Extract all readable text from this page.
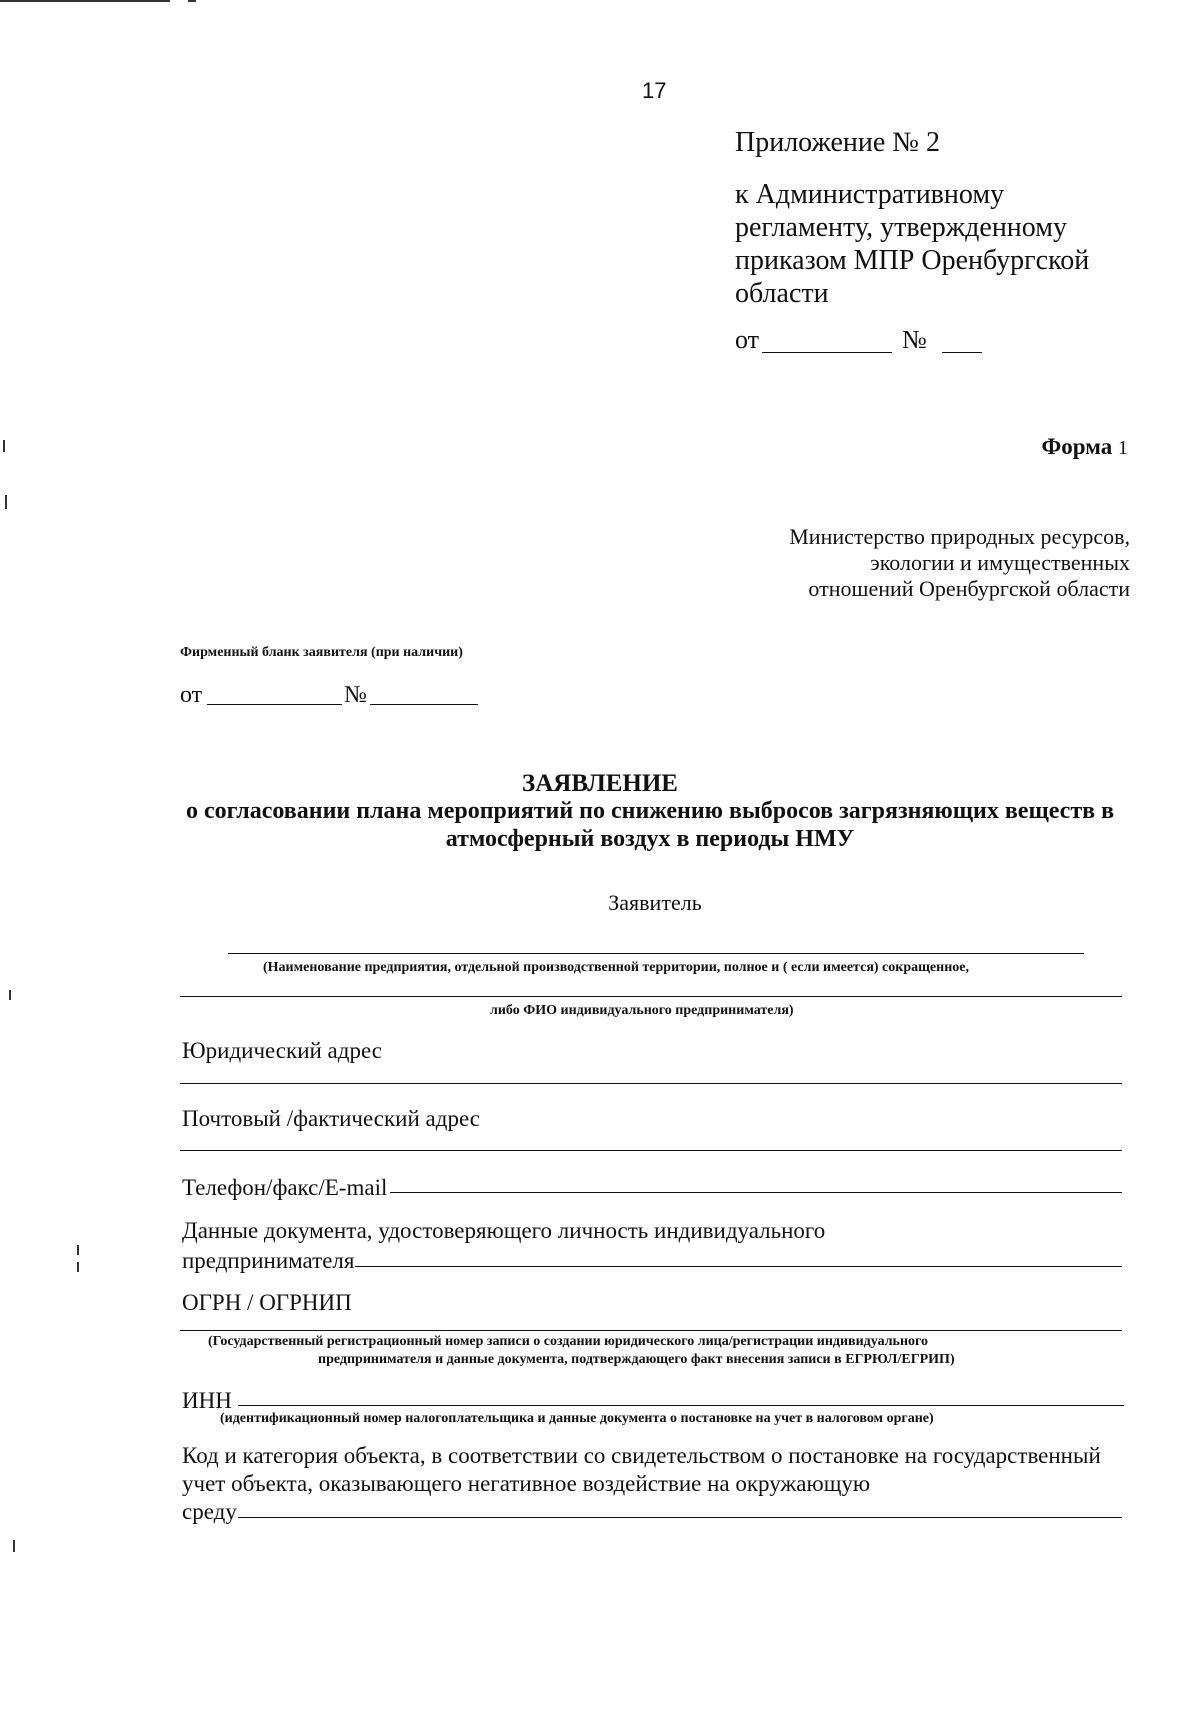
17
Приложение № 2
к Административному
регламенту, утвержденному
приказом МПР Оренбургской
области
от	№
Форма 1
Министерство природных ресурсов,
экологии и имущественных
отношений Оренбургской области
Фирменный бланк заявителя (при наличии)
от	№
ЗАЯВЛЕНИЕ
о согласовании плана мероприятий по снижению выбросов загрязняющих веществ в атмосферный воздух в периоды НМУ
Заявитель
(Наименование предприятия, отдельной производственной территории, полное и ( если имеется) сокращенное,
либо ФИО индивидуального предпринимателя)
Юридический адрес
Почтовый /фактический адрес
Телефон/факс/E-mail
Данные документа, удостоверяющего личность индивидуального
предпринимателя
ОГРН / ОГРНИП
(Государственный регистрационный номер записи о создании юридического лица/регистрации индивидуального
предпринимателя и данные документа, подтверждающего факт внесения записи в ЕГРЮЛ/ЕГРИП)
ИНН
(идентификационный номер налогоплательщика и данные документа о постановке на учет в налоговом органе)
Код и категория объекта, в соответствии со свидетельством о постановке на государственный
учет объекта, оказывающего негативное воздействие на окружающую
среду
